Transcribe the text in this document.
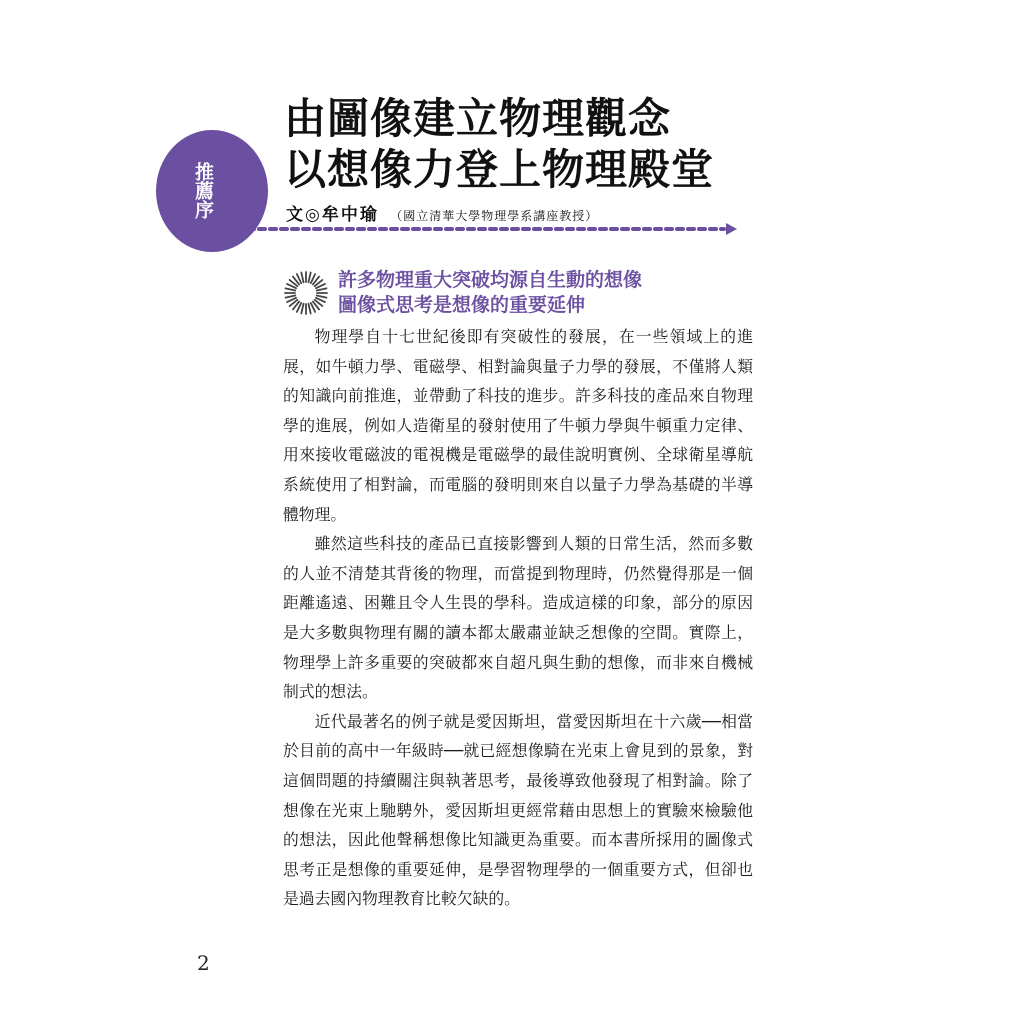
推薦序
由圖像建立物理觀念
以想像力登上物理殿堂
文◎牟中瑜 （國立清華大學物理學系講座教授）
許多物理重大突破均源自生動的想像
圖像式思考是想像的重要延伸

物理學自十七世紀後即有突破性的發展，在一些領域上的進展，如牛頓力學、電磁學、相對論與量子力學的發展，不僅將人類的知識向前推進，並帶動了科技的進步。許多科技的產品來自物理學的進展，例如人造衛星的發射使用了牛頓力學與牛頓重力定律、用來接收電磁波的電視機是電磁學的最佳說明實例、全球衛星導航系統使用了相對論，而電腦的發明則來自以量子力學為基礎的半導體物理。

雖然這些科技的產品已直接影響到人類的日常生活，然而多數的人並不清楚其背後的物理，而當提到物理時，仍然覺得那是一個距離遙遠、困難且令人生畏的學科。造成這樣的印象，部分的原因是大多數與物理有關的讀本都太嚴肅並缺乏想像的空間。實際上，物理學上許多重要的突破都來自超凡與生動的想像，而非來自機械制式的想法。

近代最著名的例子就是愛因斯坦，當愛因斯坦在十六歲──相當於目前的高中一年級時──就已經想像騎在光束上會見到的景象，對這個問題的持續關注與執著思考，最後導致他發現了相對論。除了想像在光束上馳騁外，愛因斯坦更經常藉由思想上的實驗來檢驗他的想法，因此他聲稱想像比知識更為重要。而本書所採用的圖像式思考正是想像的重要延伸，是學習物理學的一個重要方式，但卻也是過去國內物理教育比較欠缺的。

2
